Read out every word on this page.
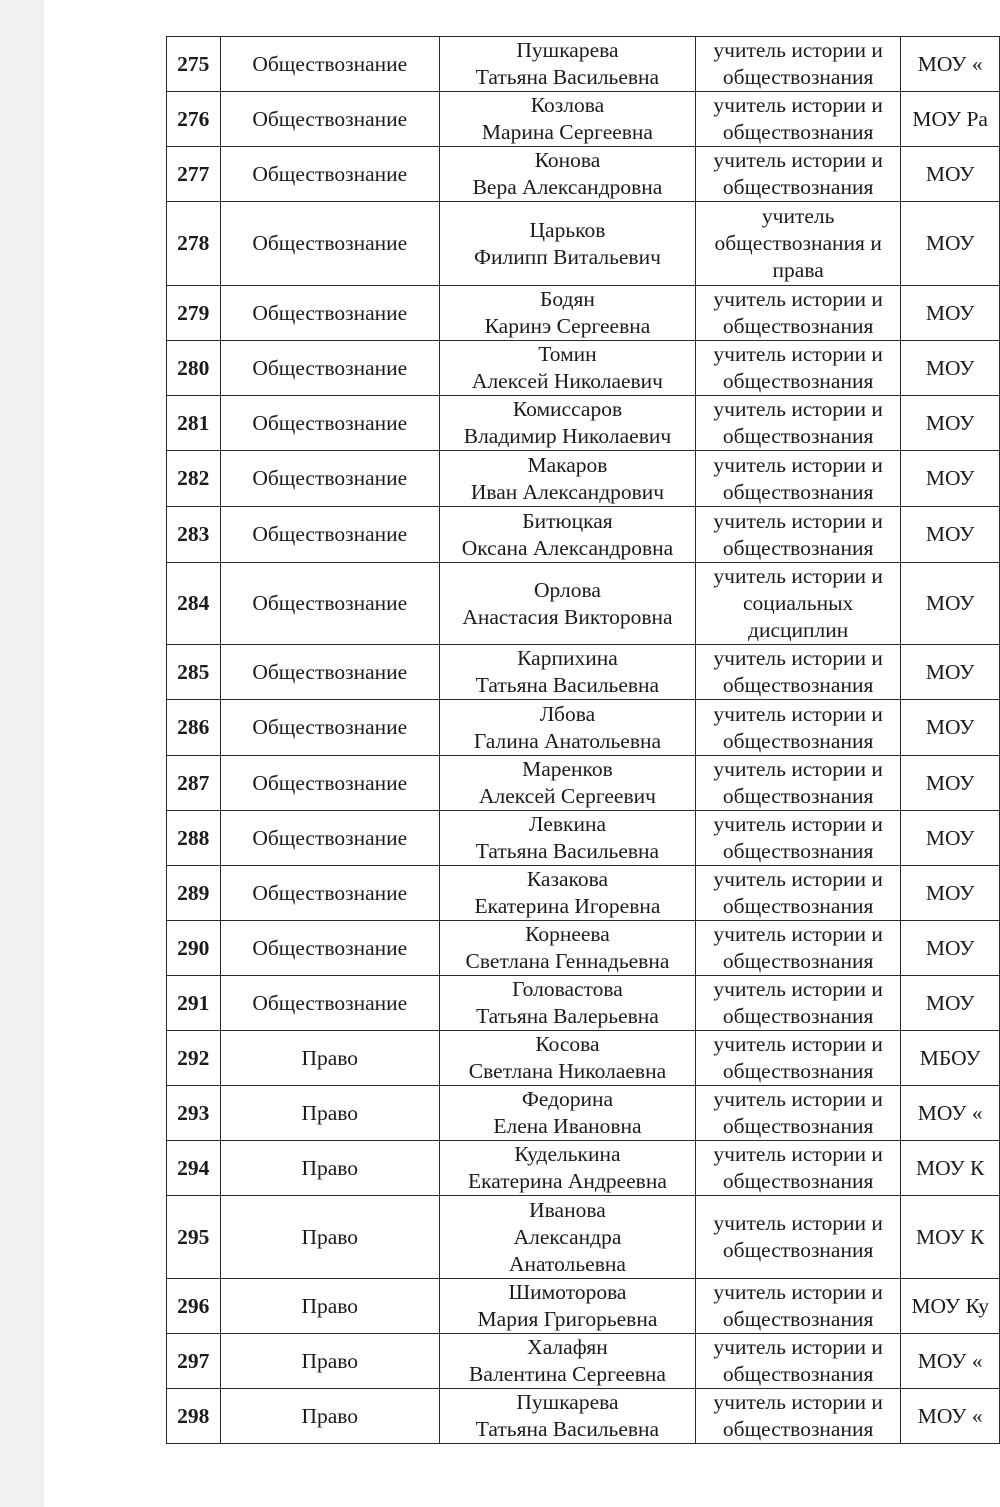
275	Обществознание	Пушкарева
Татьяна Васильевна	учитель истории и
обществознания	МОУ «
276	Обществознание	Козлова
Марина Сергеевна	учитель истории и
обществознания	МОУ Ра
277	Обществознание	Конова
Вера Александровна	учитель истории и
обществознания	МОУ
278	Обществознание	Царьков
Филипп Витальевич	учитель
обществознания и
права	МОУ
279	Обществознание	Бодян
Каринэ Сергеевна	учитель истории и
обществознания	МОУ
280	Обществознание	Томин
Алексей Николаевич	учитель истории и
обществознания	МОУ
281	Обществознание	Комиссаров
Владимир Николаевич	учитель истории и
обществознания	МОУ
282	Обществознание	Макаров
Иван Александрович	учитель истории и
обществознания	МОУ
283	Обществознание	Битюцкая
Оксана Александровна	учитель истории и
обществознания	МОУ
284	Обществознание	Орлова
Анастасия Викторовна	учитель истории и
социальных
дисциплин	МОУ
285	Обществознание	Карпихина
Татьяна Васильевна	учитель истории и
обществознания	МОУ
286	Обществознание	Лбова
Галина Анатольевна	учитель истории и
обществознания	МОУ
287	Обществознание	Маренков
Алексей Сергеевич	учитель истории и
обществознания	МОУ
288	Обществознание	Левкина
Татьяна Васильевна	учитель истории и
обществознания	МОУ
289	Обществознание	Казакова
Екатерина Игоревна	учитель истории и
обществознания	МОУ
290	Обществознание	Корнеева
Светлана Геннадьевна	учитель истории и
обществознания	МОУ
291	Обществознание	Головастова
Татьяна Валерьевна	учитель истории и
обществознания	МОУ
292	Право	Косова
Светлана Николаевна	учитель истории и
обществознания	МБОУ
293	Право	Федорина
Елена Ивановна	учитель истории и
обществознания	МОУ «
294	Право	Куделькина
Екатерина Андреевна	учитель истории и
обществознания	МОУ К
295	Право	Иванова
Александра
Анатольевна	учитель истории и
обществознания	МОУ К
296	Право	Шимоторова
Мария Григорьевна	учитель истории и
обществознания	МОУ Ку
297	Право	Халафян
Валентина Сергеевна	учитель истории и
обществознания	МОУ «
298	Право	Пушкарева
Татьяна Васильевна	учитель истории и
обществознания	МОУ «
